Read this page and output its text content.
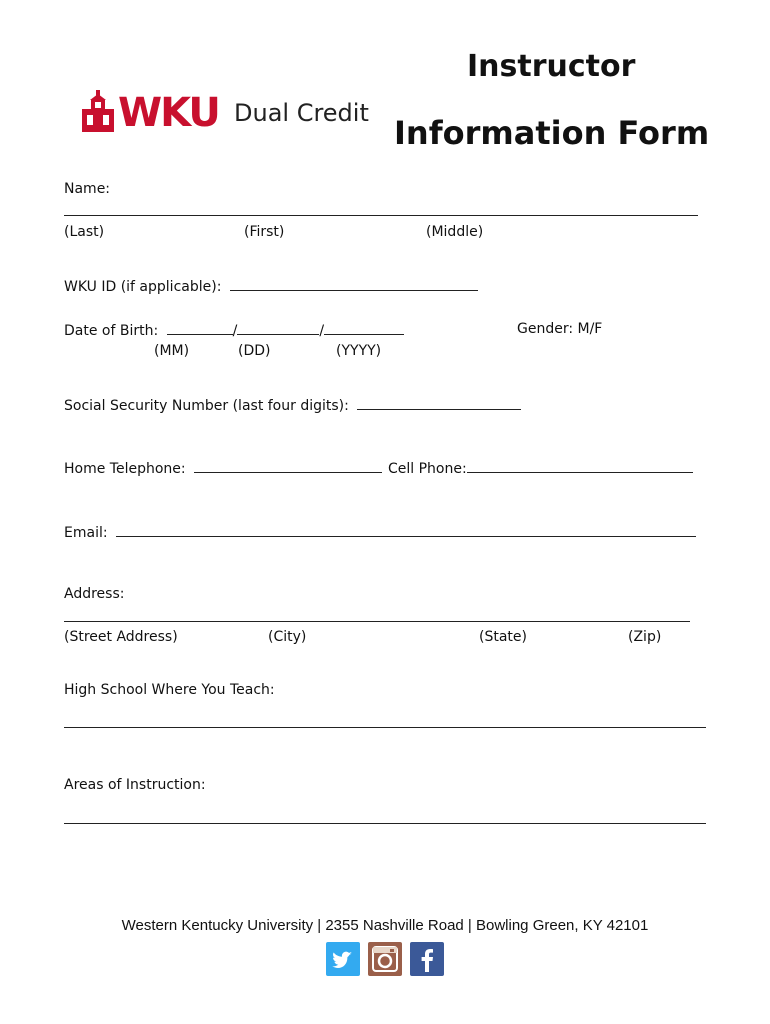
WKU Dual Credit
Instructor
Information Form
Name:
(Last)	(First)	(Middle)
WKU ID (if applicable):
Date of Birth:	/	/	Gender: M/F
(MM)	(DD)	(YYYY)
Social Security Number (last four digits):
Home Telephone:	Cell Phone:
Email:
Address:
(Street Address)	(City)	(State)	(Zip)
High School Where You Teach:
Areas of Instruction:
Western Kentucky University | 2355 Nashville Road | Bowling Green, KY 42101
